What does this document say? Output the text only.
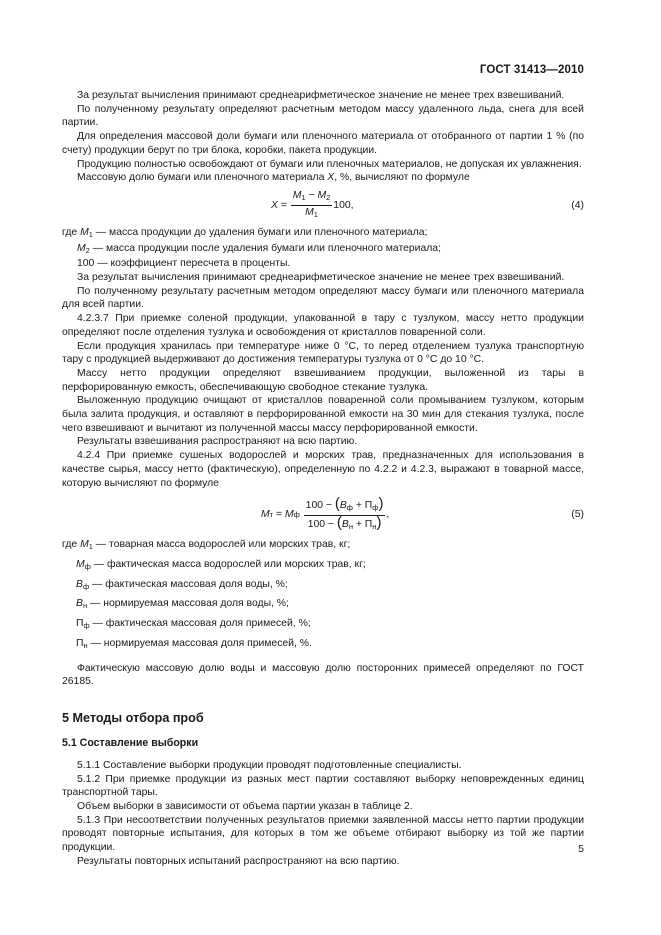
ГОСТ 31413—2010

За результат вычисления принимают среднеарифметическое значение не менее трех взвешиваний.

По полученному результату определяют расчетным методом массу удаленного льда, снега для всей партии.

Для определения массовой доли бумаги или пленочного материала от отобранного от партии 1 % (по счету) продукции берут по три блока, коробки, пакета продукции.

Продукцию полностью освобождают от бумаги или пленочных материалов, не допуская их увлажнения.

Массовую долю бумаги или пленочного материала X, %, вычисляют по формуле

X
=
$\frac{M_1 - M_2}{M_1} 100$,	(4)

где $M_1$ — масса продукции до удаления бумаги или пленочного материала;

$M_2$ — масса продукции после удаления бумаги или пленочного материала;

100 — коэффициент пересчета в проценты.

За результат вычисления принимают среднеарифметическое значение не менее трех взвешиваний.

По полученному результату расчетным методом определяют массу бумаги или пленочного материала для всей партии.

4.2.3.7 При приемке соленой продукции, упакованной в тару с тузлуком, массу нетто продукции определяют после отделения тузлука и освобождения от кристаллов поваренной соли.

Если продукция хранилась при температуре ниже 0 °С, то перед отделением тузлука транспортную тару с продукцией выдерживают до достижения температуры тузлука от 0 °С до 10 °С.

Массу нетто продукции определяют взвешиванием продукции, выложенной из тары в перфорированную емкость, обеспечивающую свободное стекание тузлука.

Выложенную продукцию очищают от кристаллов поваренной соли промыванием тузлуком, которым была залита продукция, и оставляют в перфорированной емкости на 30 мин для стекания тузлука, после чего взвешивают и вычитают из полученной массы массу перфорированной емкости.

Результаты взвешивания распространяют на всю партию.

4.2.4 При приемке сушеных водорослей и морских трав, предназначенных для использования в качестве сырья, массу нетто (фактическую), определенную по 4.2.2 и 4.2.3, выражают в товарной массе, которую вычисляют по формуле

M т
=
M ф
$\frac{100 - (B_ф + П_ф)}{100 - (B_н + П_н)}$ ,	(5)

где $M_1$ — товарная масса водорослей или морских трав, кг;

$M_ф$ — фактическая масса водорослей или морских трав, кг;

$B_ф$ — фактическая массовая доля воды, %;

$B_н$ — нормируемая массовая доля воды, %;

$П_ф$ — фактическая массовая доля примесей, %;

$П_н$ — нормируемая массовая доля примесей, %.

Фактическую массовую долю воды и массовую долю посторонних примесей определяют по ГОСТ 26185.

5 Методы отбора проб
5.1 Составление выборки

5.1.1 Составление выборки продукции проводят подготовленные специалисты.

5.1.2 При приемке продукции из разных мест партии составляют выборку неповрежденных единиц транспортной тары.

Объем выборки в зависимости от объема партии указан в таблице 2.

5.1.3 При несоответствии полученных результатов приемки заявленной массы нетто партии продукции проводят повторные испытания, для которых в том же объеме отбирают выборку из той же партии продукции.

Результаты повторных испытаний распространяют на всю партию.

5
